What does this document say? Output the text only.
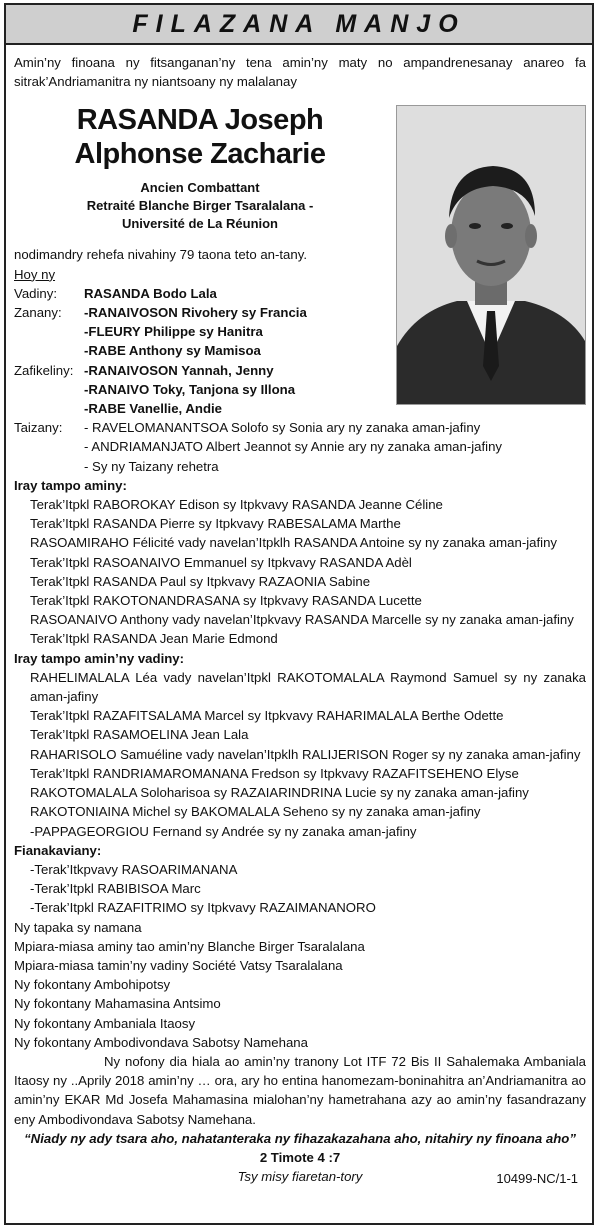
FILAZANA MANJO

Amin’ny finoana ny fitsanganan’ny tena amin’ny maty no ampandrenesanay anareo fa sitrak’Andriamanitra ny niantsoany ny malalanay

RASANDA Joseph
Alphonse Zacharie
Ancien Combattant
Retraité Blanche Birger Tsaralalana -
Université de La Réunion

nodimandry rehefa nivahiny 79 taona teto an-tany.

Hoy ny

Vadiny:	RASANDA Bodo Lala
Zanany:	-RANAIVOSON Rivohery sy Francia
-FLEURY Philippe sy Hanitra
-RABE Anthony sy Mamisoa
Zafikeliny: -RANAIVOSON Yannah, Jenny
-RANAIVO Toky, Tanjona sy Illona
-RABE Vanellie, Andie
Taizany:	- RAVELOMANANTSOA Solofo sy Sonia ary ny zanaka aman-jafiny
- ANDRIAMANJATO Albert Jeannot sy Annie ary ny zanaka aman-jafiny
- Sy ny Taizany rehetra

Iray tampo aminy:

Terak’Itpkl RABOROKAY Edison sy Itpkvavy RASANDA Jeanne Céline
Terak’Itpkl RASANDA Pierre sy Itpkvavy RABESALAMA Marthe
RASOAMIRAHO Félicité vady navelan’Itpklh RASANDA Antoine sy ny zanaka aman-jafiny
Terak’Itpkl RASOANAIVO Emmanuel sy Itpkvavy RASANDA Adèl
Terak’Itpkl RASANDA Paul sy Itpkvavy RAZAONIA Sabine
Terak’Itpkl RAKOTONANDRASANA sy Itpkvavy RASANDA Lucette
RASOANAIVO Anthony vady navelan’Itpkvavy RASANDA Marcelle sy ny zanaka aman-jafiny
Terak’Itpkl RASANDA Jean Marie Edmond

Iray tampo amin’ny vadiny:

RAHELIMALALA Léa vady navelan’Itpkl RAKOTOMALALA Raymond Samuel sy ny zanaka aman-jafiny
Terak’Itpkl RAZAFITSALAMA Marcel sy Itpkvavy RAHARIMALALA Berthe Odette
Terak’Itpkl RASAMOELINA Jean Lala
RAHARISOLO Samuéline vady navelan’Itpklh RALIJERISON Roger sy ny zanaka aman-jafiny
Terak’Itpkl RANDRIAMAROMANANA Fredson sy Itpkvavy RAZAFITSEHENO Elyse
RAKOTOMALALA Soloharisoa sy RAZAIARINDRINA Lucie sy ny zanaka aman-jafiny
RAKOTONIAINA Michel sy BAKOMALALA Seheno sy ny zanaka aman-jafiny
-PAPPAGEORGIOU Fernand sy Andrée sy ny zanaka aman-jafiny

Fianakaviany:

-Terak’Itkpvavy RASOARIMANANA
-Terak’Itpkl RABIBISOA Marc
-Terak’Itpkl RAZAFITRIMO sy Itpkvavy RAZAIMANANORO
Ny tapaka sy namana
Mpiara-miasa aminy tao amin’ny Blanche Birger Tsaralalana
Mpiara-miasa tamin’ny vadiny Société Vatsy Tsaralalana
Ny fokontany Ambohipotsy
Ny fokontany Mahamasina Antsimo
Ny fokontany Ambaniala Itaosy
Ny fokontany Ambodivondava Sabotsy Namehana

Ny nofony dia hiala ao amin’ny tranony Lot ITF 72 Bis II Sahalemaka Ambaniala Itaosy ny ..Aprily 2018 amin’ny … ora, ary ho entina hanomezam-boninahitra an’Andriamanitra ao amin’ny EKAR Md Josefa Mahamasina mialohan’ny hametrahana azy ao amin’ny fasandrazany eny Ambodivondava Sabotsy Namehana.

“Niady ny ady tsara aho, nahatanteraka ny fihazakazahana aho, nitahiry ny finoana aho”

2 Timote 4 :7

Tsy misy fiaretan-tory	10499-NC/1-1
